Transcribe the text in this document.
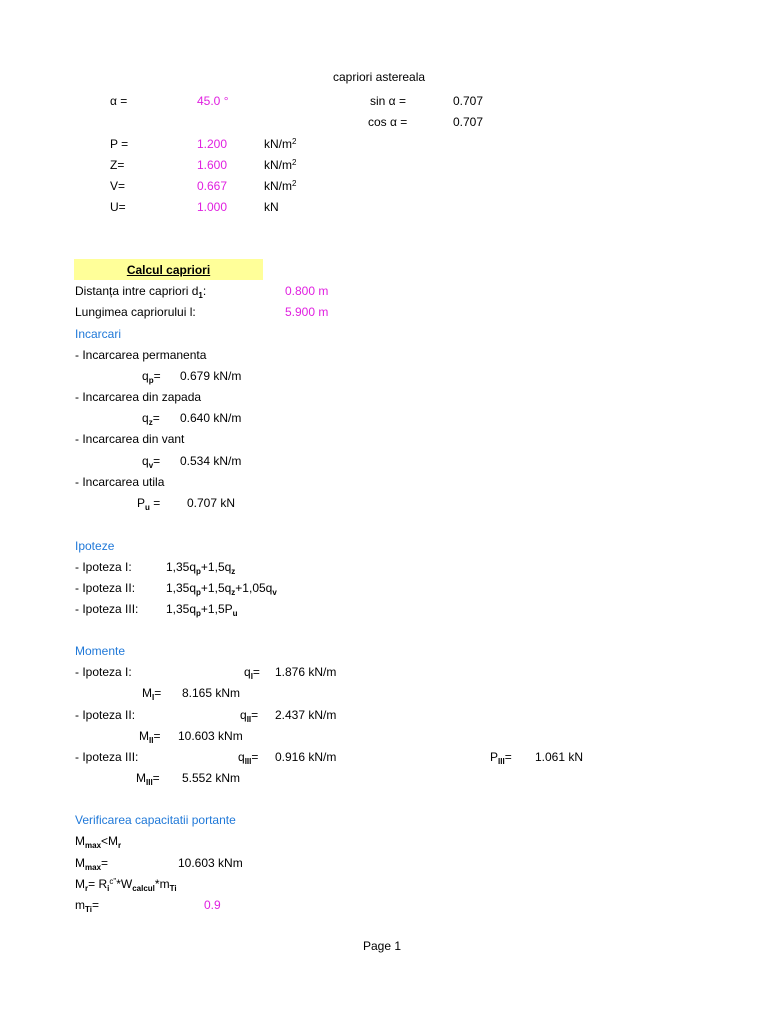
capriori astereala
α =	45.0 °	sin α =	0.707
cos α =	0.707
P =	1.200	$kN/m^2$
Z=	1.600	$kN/m^2$
V=	0.667	$kN/m^2$
U=	1.000	kN
Calcul capriori
Distanța intre capriori $d_1$:	0.800 m
Lungimea capriorului l:	5.900 m
Incarcari
- Incarcarea permanenta
$q_p= 0.679$ kN/m
- Incarcarea din zapada
$q_z= 0.640$ kN/m
- Incarcarea din vant
$q_v= 0.534$ kN/m
- Incarcarea utila
$P_u = 0.707$ kN
Ipoteze
- Ipoteza I:	$1,35q_p+1,5q_z$
- Ipoteza II:	$1,35q_p+1,5q_z+1,05q_v$
- Ipoteza III: $1,35q_p+1,5P_u$
Momente
- Ipoteza I:	$q_I= 1.876$ kN/m
$M_I= 8.165$ kNm
- Ipoteza II:	$q_{II}= 2.437$ kN/m
$M_{II}= 10.603$ kNm
- Ipoteza III:	$q_{III}= 0.916$ kN/m	$P_{III}= 1.061$ kN
$M_{III}= 5.552$ kNm
Verificarea capacitatii portante
$M_{max}<M_r$
$M_{max}=$	10.603 kNm
$M_r= R_i^{c"}*W_{calcul}*m_{Ti}$
$m_{Ti}=$	0.9
Page 1
